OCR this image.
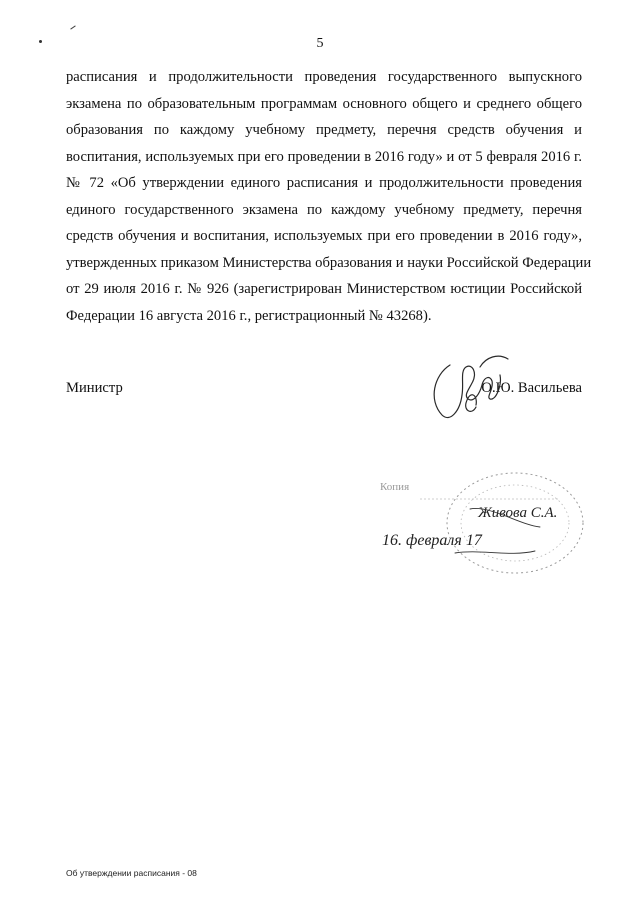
5
расписания и продолжительности проведения государственного выпускного
экзамена по образовательным программам основного общего и среднего общего
образования по каждому учебному предмету, перечня средств обучения и
воспитания, используемых при его проведении в 2016 году» и от 5 февраля 2016 г.
№ 72 «Об утверждении единого расписания и продолжительности проведения
единого государственного экзамена по каждому учебному предмету, перечня
средств обучения и воспитания, используемых при его проведении в 2016 году»,
утвержденных приказом Министерства образования и науки Российской Федерации
от 29 июля 2016 г. № 926 (зарегистрирован Министерством юстиции Российской
Федерации 16 августа 2016 г., регистрационный № 43268).
Министр	О.Ю. Васильева
Копия
Живова С.А.
16. февраля 17
Об утверждении расписания - 08
